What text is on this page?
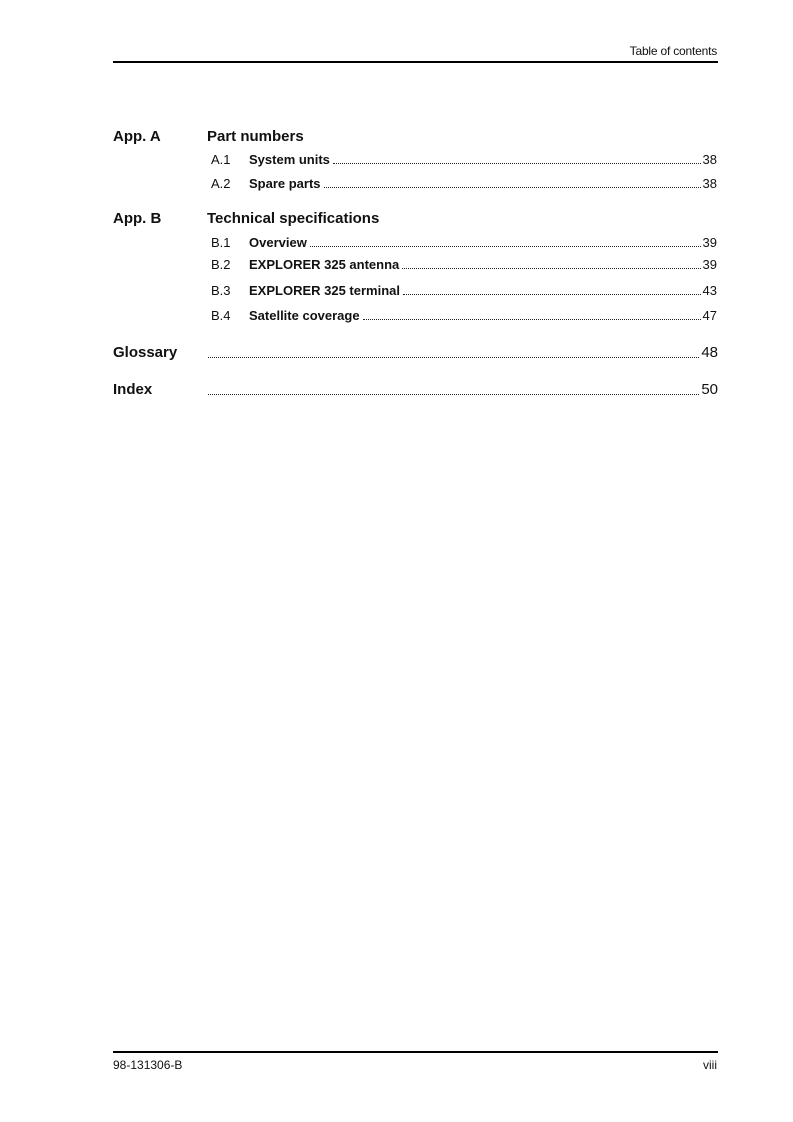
Table of contents
App. A	Part numbers
A.1	System units	38
A.2	Spare parts	38
App. B	Technical specifications
B.1	Overview	39
B.2	EXPLORER 325 antenna	39
B.3	EXPLORER 325 terminal	43
B.4	Satellite coverage	47
Glossary	48
Index	50
98-131306-B	viii
